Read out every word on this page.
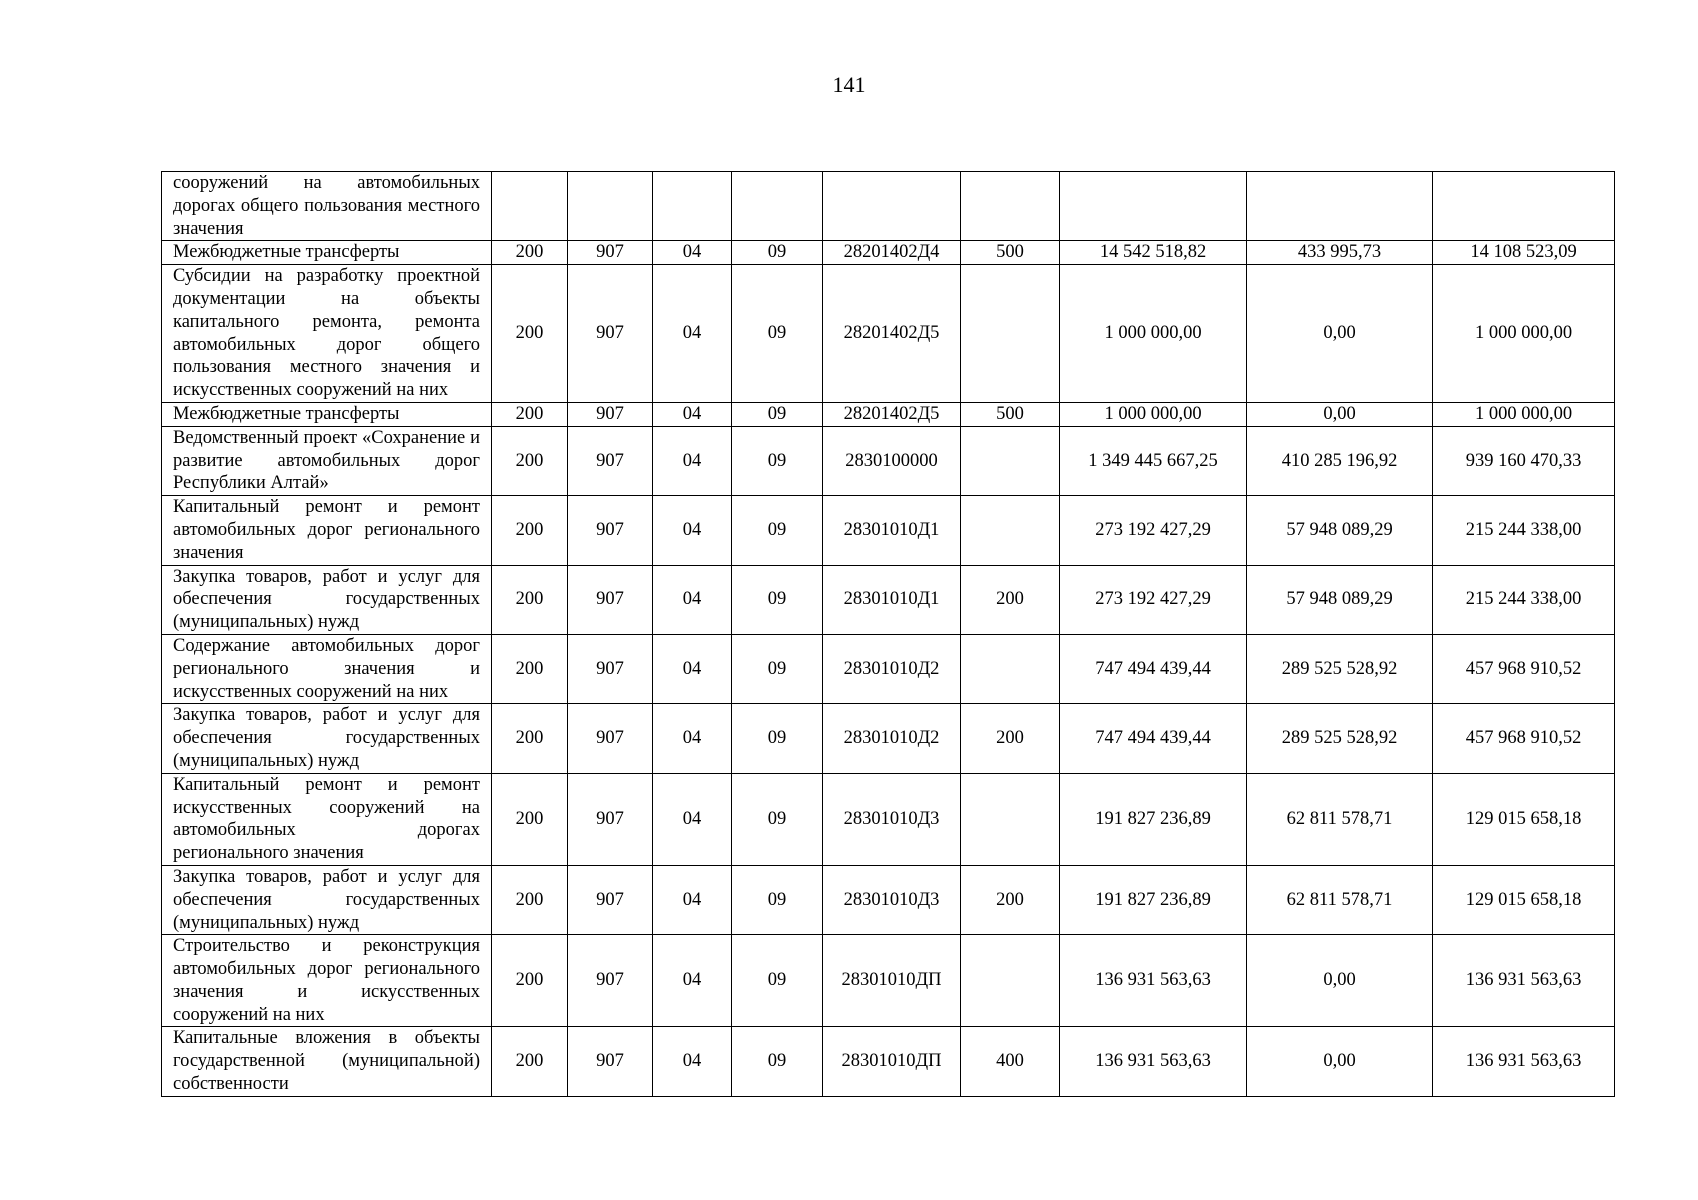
141
сооружений на автомобильных дорогах общего пользования местного значения									
Межбюджетные трансферты	200	907	04	09	28201402Д4	500	14 542 518,82	433 995,73	14 108 523,09
Субсидии на разработку проектной документации на объекты капитального ремонта, ремонта автомобильных дорог общего пользования местного значения и искусственных сооружений на них	200	907	04	09	28201402Д5		1 000 000,00	0,00	1 000 000,00
Межбюджетные трансферты	200	907	04	09	28201402Д5	500	1 000 000,00	0,00	1 000 000,00
Ведомственный проект «Сохранение и развитие автомобильных дорог Республики Алтай»	200	907	04	09	2830100000		1 349 445 667,25	410 285 196,92	939 160 470,33
Капитальный ремонт и ремонт автомобильных дорог регионального значения	200	907	04	09	28301010Д1		273 192 427,29	57 948 089,29	215 244 338,00
Закупка товаров, работ и услуг для обеспечения государственных (муниципальных) нужд	200	907	04	09	28301010Д1	200	273 192 427,29	57 948 089,29	215 244 338,00
Содержание автомобильных дорог регионального значения и искусственных сооружений на них	200	907	04	09	28301010Д2		747 494 439,44	289 525 528,92	457 968 910,52
Закупка товаров, работ и услуг для обеспечения государственных (муниципальных) нужд	200	907	04	09	28301010Д2	200	747 494 439,44	289 525 528,92	457 968 910,52
Капитальный ремонт и ремонт искусственных сооружений на автомобильных дорогах регионального значения	200	907	04	09	28301010Д3		191 827 236,89	62 811 578,71	129 015 658,18
Закупка товаров, работ и услуг для обеспечения государственных (муниципальных) нужд	200	907	04	09	28301010Д3	200	191 827 236,89	62 811 578,71	129 015 658,18
Строительство и реконструкция автомобильных дорог регионального значения и искусственных сооружений на них	200	907	04	09	28301010ДП		136 931 563,63	0,00	136 931 563,63
Капитальные вложения в объекты государственной (муниципальной) собственности	200	907	04	09	28301010ДП	400	136 931 563,63	0,00	136 931 563,63
